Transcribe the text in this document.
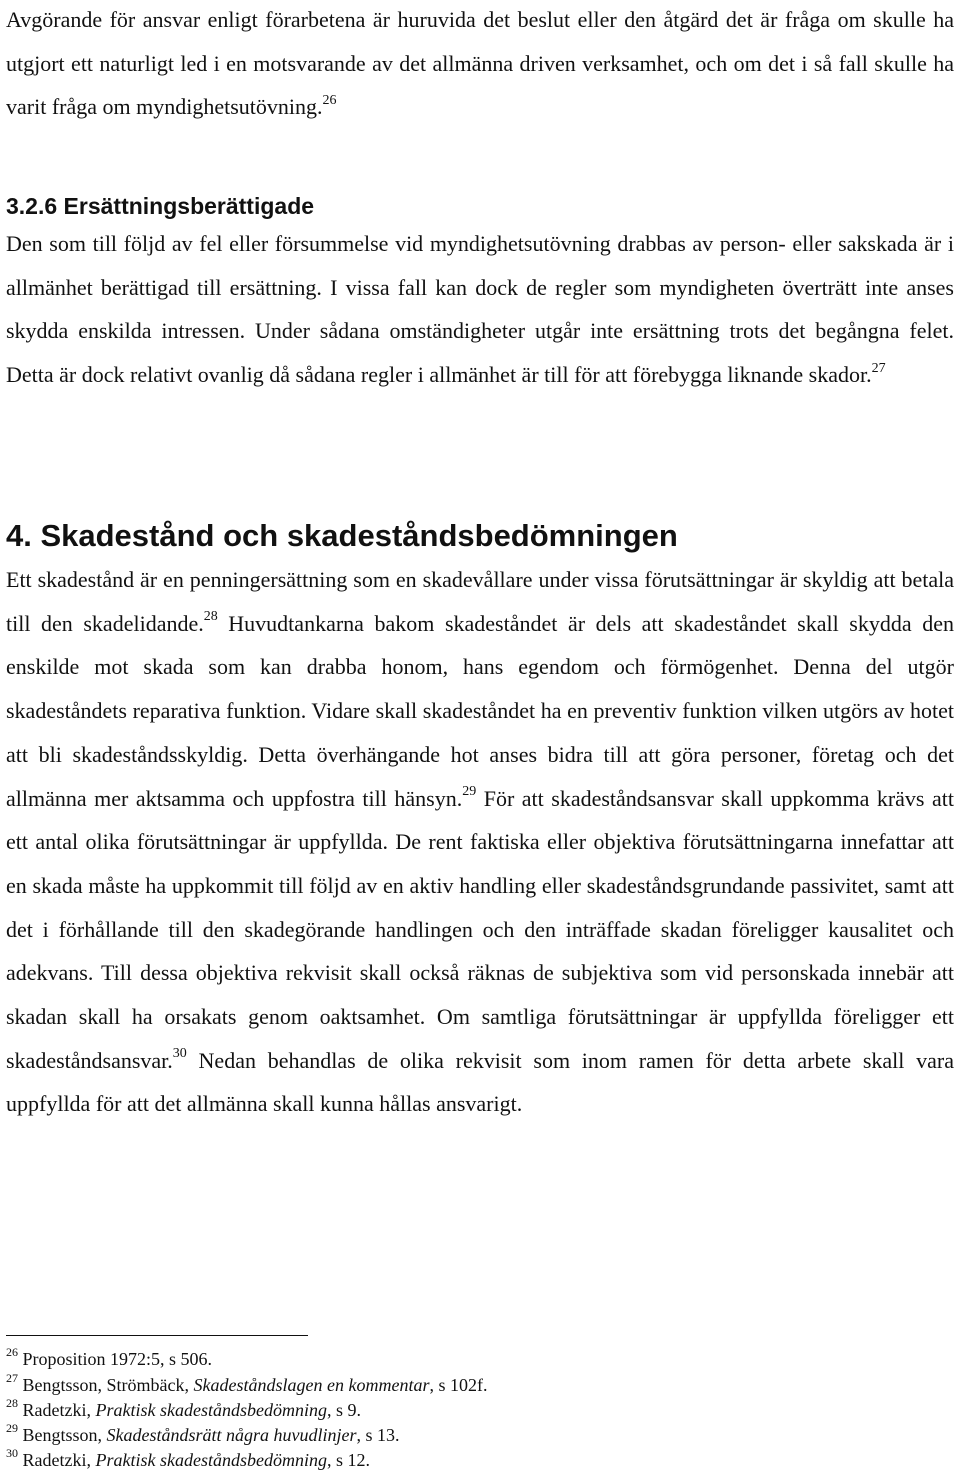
Avgörande för ansvar enligt förarbetena är huruvida det beslut eller den åtgärd det är fråga om skulle ha utgjort ett naturligt led i en motsvarande av det allmänna driven verksamhet, och om det i så fall skulle ha varit fråga om myndighetsutövning.$^{26}$

3.2.6 Ersättningsberättigade

Den som till följd av fel eller försummelse vid myndighetsutövning drabbas av person- eller sakskada är i allmänhet berättigad till ersättning. I vissa fall kan dock de regler som myndigheten överträtt inte anses skydda enskilda intressen. Under sådana omständigheter utgår inte ersättning trots det begångna felet. Detta är dock relativt ovanlig då sådana regler i allmänhet är till för att förebygga liknande skador.$^{27}$

4. Skadestånd och skadeståndsbedömningen

Ett skadestånd är en penningersättning som en skadevållare under vissa förutsättningar är skyldig att betala till den skadelidande.$^{28}$ Huvudtankarna bakom skadeståndet är dels att skadeståndet skall skydda den enskilde mot skada som kan drabba honom, hans egendom och förmögenhet. Denna del utgör skadeståndets reparativa funktion. Vidare skall skadeståndet ha en preventiv funktion vilken utgörs av hotet att bli skadeståndsskyldig. Detta överhängande hot anses bidra till att göra personer, företag och det allmänna mer aktsamma och uppfostra till hänsyn.$^{29}$ För att skadeståndsansvar skall uppkomma krävs att ett antal olika förutsättningar är uppfyllda. De rent faktiska eller objektiva förutsättningarna innefattar att en skada måste ha uppkommit till följd av en aktiv handling eller skadeståndsgrundande passivitet, samt att det i förhållande till den skadegörande handlingen och den inträffade skadan föreligger kausalitet och adekvans. Till dessa objektiva rekvisit skall också räknas de subjektiva som vid personskada innebär att skadan skall ha orsakats genom oaktsamhet. Om samtliga förutsättningar är uppfyllda föreligger ett skadeståndsansvar.$^{30}$ Nedan behandlas de olika rekvisit som inom ramen för detta arbete skall vara uppfyllda för att det allmänna skall kunna hållas ansvarigt.

$^{26}$ Proposition 1972:5, s 506.

$^{27}$ Bengtsson, Strömbäck, Skadeståndslagen en kommentar, s 102f.

$^{28}$ Radetzki, Praktisk skadeståndsbedömning, s 9.

$^{29}$ Bengtsson, Skadeståndsrätt några huvudlinjer, s 13.

$^{30}$ Radetzki, Praktisk skadeståndsbedömning, s 12.
